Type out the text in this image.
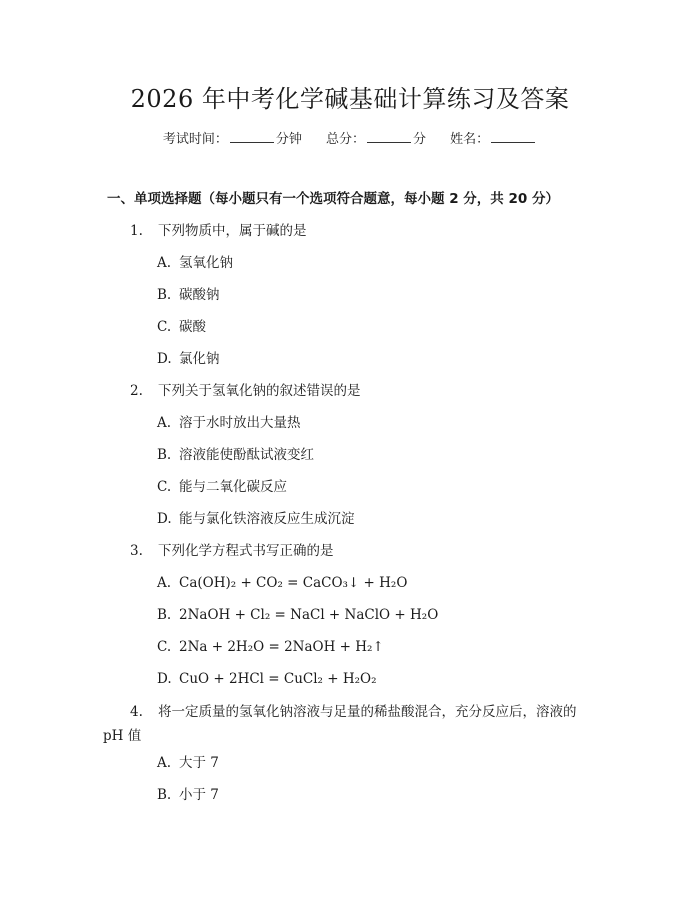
2026 年中考化学碱基础计算练习及答案
考试时间：	分钟 总分：	分 姓名：
一、单项选择题（每小题只有一个选项符合题意，每小题 2 分，共 20 分）
1. 下列物质中，属于碱的是
A. 氢氧化钠
B. 碳酸钠
C. 碳酸
D. 氯化钠
2. 下列关于氢氧化钠的叙述错误的是
A. 溶于水时放出大量热
B. 溶液能使酚酞试液变红
C. 能与二氧化碳反应
D. 能与氯化铁溶液反应生成沉淀
3. 下列化学方程式书写正确的是
A. Ca(OH)₂ + CO₂ = CaCO₃↓ + H₂O
B. 2NaOH + Cl₂ = NaCl + NaClO + H₂O
C. 2Na + 2H₂O = 2NaOH + H₂↑
D. CuO + 2HCl = CuCl₂ + H₂O₂
4. 将一定质量的氢氧化钠溶液与足量的稀盐酸混合，充分反应后，溶液的
pH 值
A. 大于 7
B. 小于 7
